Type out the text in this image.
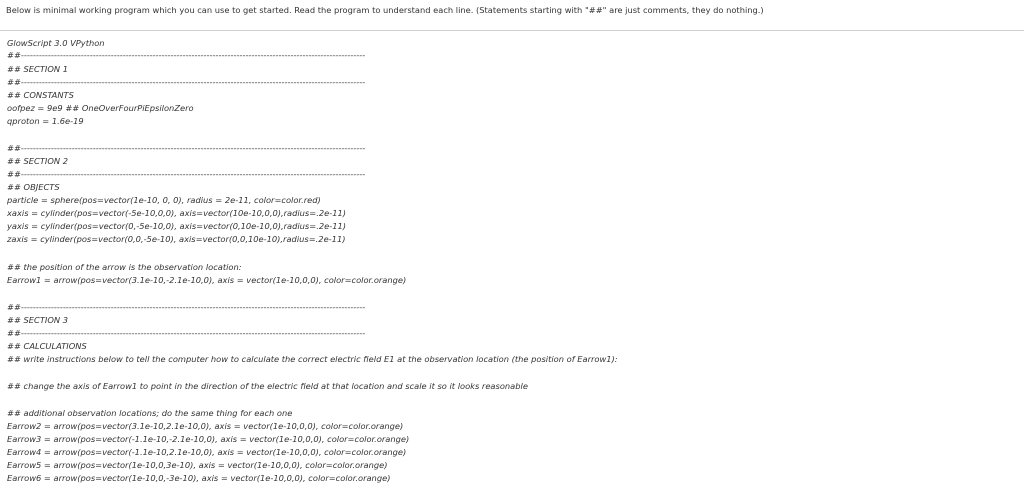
Below is minimal working program which you can use to get started. Read the program to understand each line. (Statements starting with "##" are just comments, they do nothing.)
GlowScript 3.0 VPython
##-------------------------------------------------------------------------------------------------------------------
## SECTION 1
##-------------------------------------------------------------------------------------------------------------------
## CONSTANTS
oofpez = 9e9 ## OneOverFourPiEpsilonZero
qproton = 1.6e-19
##-------------------------------------------------------------------------------------------------------------------
## SECTION 2
##-------------------------------------------------------------------------------------------------------------------
## OBJECTS
particle = sphere(pos=vector(1e-10, 0, 0), radius = 2e-11, color=color.red)
xaxis = cylinder(pos=vector(-5e-10,0,0), axis=vector(10e-10,0,0),radius=.2e-11)
yaxis = cylinder(pos=vector(0,-5e-10,0), axis=vector(0,10e-10,0),radius=.2e-11)
zaxis = cylinder(pos=vector(0,0,-5e-10), axis=vector(0,0,10e-10),radius=.2e-11)
## the position of the arrow is the observation location:
Earrow1 = arrow(pos=vector(3.1e-10,-2.1e-10,0), axis = vector(1e-10,0,0), color=color.orange)
##-------------------------------------------------------------------------------------------------------------------
## SECTION 3
##-------------------------------------------------------------------------------------------------------------------
## CALCULATIONS
## write instructions below to tell the computer how to calculate the correct electric field E1 at the observation location (the position of Earrow1):
## change the axis of Earrow1 to point in the direction of the electric field at that location and scale it so it looks reasonable
## additional observation locations; do the same thing for each one
Earrow2 = arrow(pos=vector(3.1e-10,2.1e-10,0), axis = vector(1e-10,0,0), color=color.orange)
Earrow3 = arrow(pos=vector(-1.1e-10,-2.1e-10,0), axis = vector(1e-10,0,0), color=color.orange)
Earrow4 = arrow(pos=vector(-1.1e-10,2.1e-10,0), axis = vector(1e-10,0,0), color=color.orange)
Earrow5 = arrow(pos=vector(1e-10,0,3e-10), axis = vector(1e-10,0,0), color=color.orange)
Earrow6 = arrow(pos=vector(1e-10,0,-3e-10), axis = vector(1e-10,0,0), color=color.orange)
